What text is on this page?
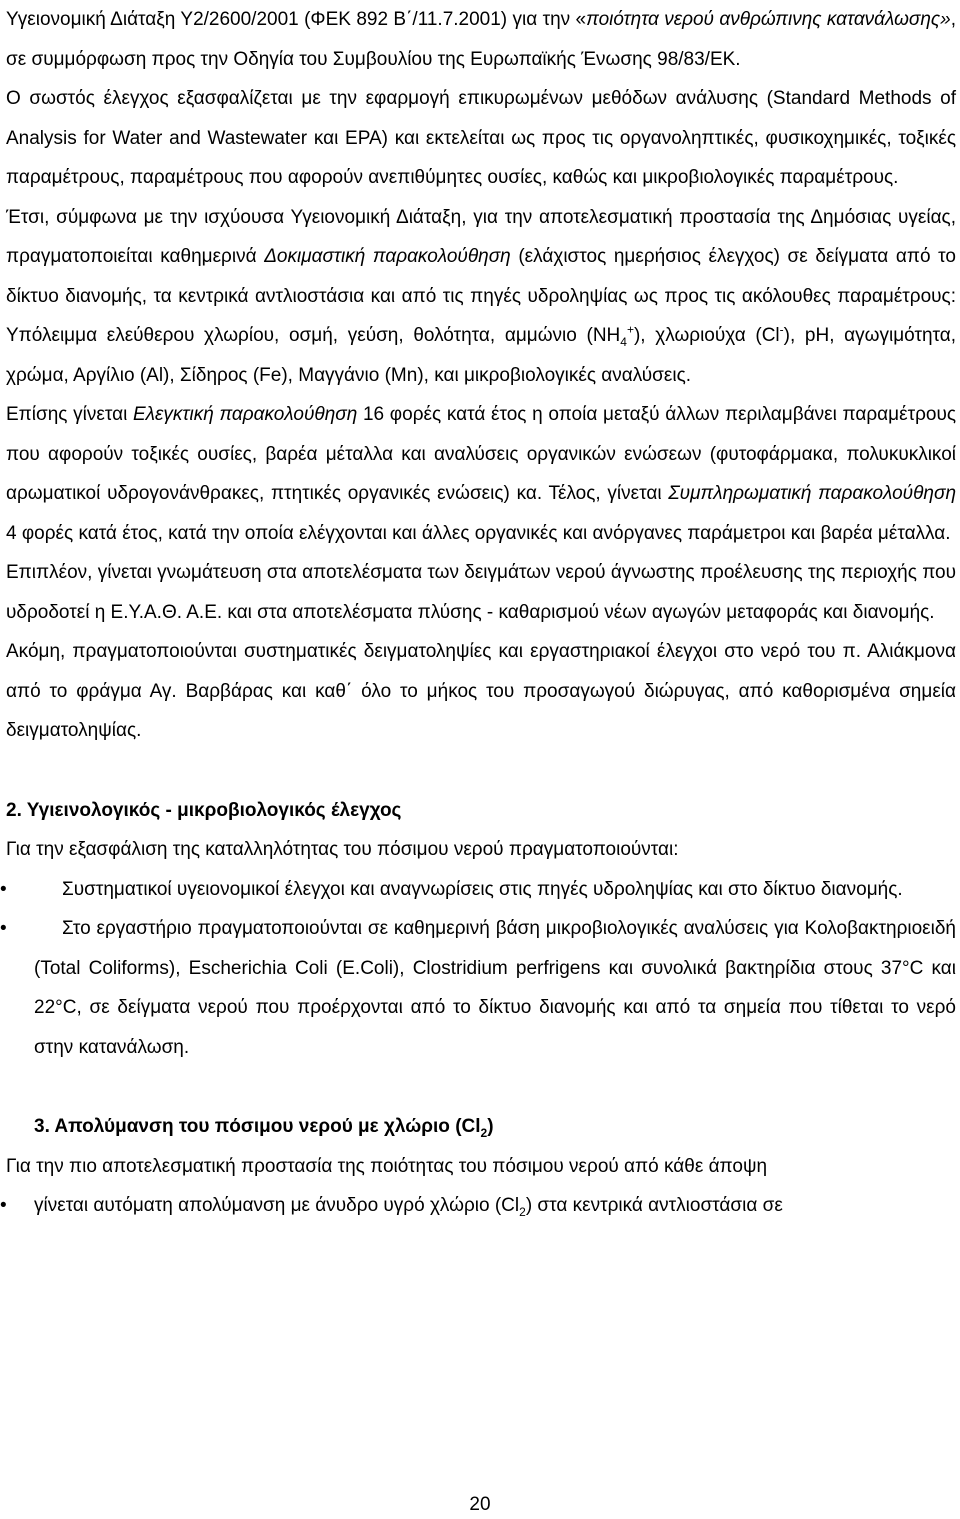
Υγειονομική Διάταξη Υ2/2600/2001 (ΦΕΚ 892 Β΄/11.7.2001) για την «ποιότητα νερού ανθρώπινης κατανάλωσης», σε συμμόρφωση προς την Οδηγία του Συμβουλίου της Ευρωπαϊκής Ένωσης 98/83/ΕΚ.

Ο σωστός έλεγχος εξασφαλίζεται με την εφαρμογή επικυρωμένων μεθόδων ανάλυσης (Standard Methods of Analysis for Water and Wastewater και EPA) και εκτελείται ως προς τις οργανοληπτικές, φυσικοχημικές, τοξικές παραμέτρους, παραμέτρους που αφορούν ανεπιθύμητες ουσίες, καθώς και μικροβιολογικές παραμέτρους.

Έτσι, σύμφωνα με την ισχύουσα Υγειονομική Διάταξη, για την αποτελεσματική προστασία της Δημόσιας υγείας, πραγματοποιείται καθημερινά Δοκιμαστική παρακολούθηση (ελάχιστος ημερήσιος έλεγχος) σε δείγματα από το δίκτυο διανομής, τα κεντρικά αντλιοστάσια και από τις πηγές υδροληψίας ως προς τις ακόλουθες παραμέτρους: Υπόλειμμα ελεύθερου χλωρίου, οσμή, γεύση, θολότητα, αμμώνιο $(NH_4^+)$, χλωριούχα (Cl-), pH, αγωγιμότητα, χρώμα, Αργίλιο (Al), Σίδηρος (Fe), Μαγγάνιο (Mn), και μικροβιολογικές αναλύσεις.

Επίσης γίνεται Ελεγκτική παρακολούθηση 16 φορές κατά έτος η οποία μεταξύ άλλων περιλαμβάνει παραμέτρους που αφορούν τοξικές ουσίες, βαρέα μέταλλα και αναλύσεις οργανικών ενώσεων (φυτοφάρμακα, πολυκυκλικοί αρωματικοί υδρογονάνθρακες, πτητικές οργανικές ενώσεις) κα. Τέλος, γίνεται Συμπληρωματική παρακολούθηση 4 φορές κατά έτος, κατά την οποία ελέγχονται και άλλες οργανικές και ανόργανες παράμετροι και βαρέα μέταλλα.

Επιπλέον, γίνεται γνωμάτευση στα αποτελέσματα των δειγμάτων νερού άγνωστης προέλευσης της περιοχής που υδροδοτεί η Ε.Υ.Α.Θ. Α.Ε. και στα αποτελέσματα πλύσης - καθαρισμού νέων αγωγών μεταφοράς και διανομής.

Ακόμη, πραγματοποιούνται συστηματικές δειγματοληψίες και εργαστηριακοί έλεγχοι στο νερό του π. Αλιάκμονα από το φράγμα Αγ. Βαρβάρας και καθ΄ όλο το μήκος του προσαγωγού διώρυγας, από καθορισμένα σημεία δειγματοληψίας.

2. Υγιεινολογικός - μικροβιολογικός έλεγχος

Για την εξασφάλιση της καταλληλότητας του πόσιμου νερού πραγματοποιούνται:

•	Συστηματικοί υγειονομικοί έλεγχοι και αναγνωρίσεις στις πηγές υδροληψίας και στο δίκτυο διανομής.
•	Στο εργαστήριο πραγματοποιούνται σε καθημερινή βάση μικροβιολογικές αναλύσεις για Κολοβακτηριοειδή (Total Coliforms), Escherichia Coli (E.Coli), Clostridium perfrigens και συνολικά βακτηρίδια στους 37°C και 22°C, σε δείγματα νερού που προέρχονται από το δίκτυο διανομής και από τα σημεία που τίθεται το νερό στην κατανάλωση.

3. Απολύμανση του πόσιμου νερού με χλώριο $(Cl_2)$

Για την πιο αποτελεσματική προστασία της ποιότητας του πόσιμου νερού από κάθε άποψη

•	γίνεται αυτόματη απολύμανση με άνυδρο υγρό χλώριο $(Cl_2)$ στα κεντρικά αντλιοστάσια σε
20
